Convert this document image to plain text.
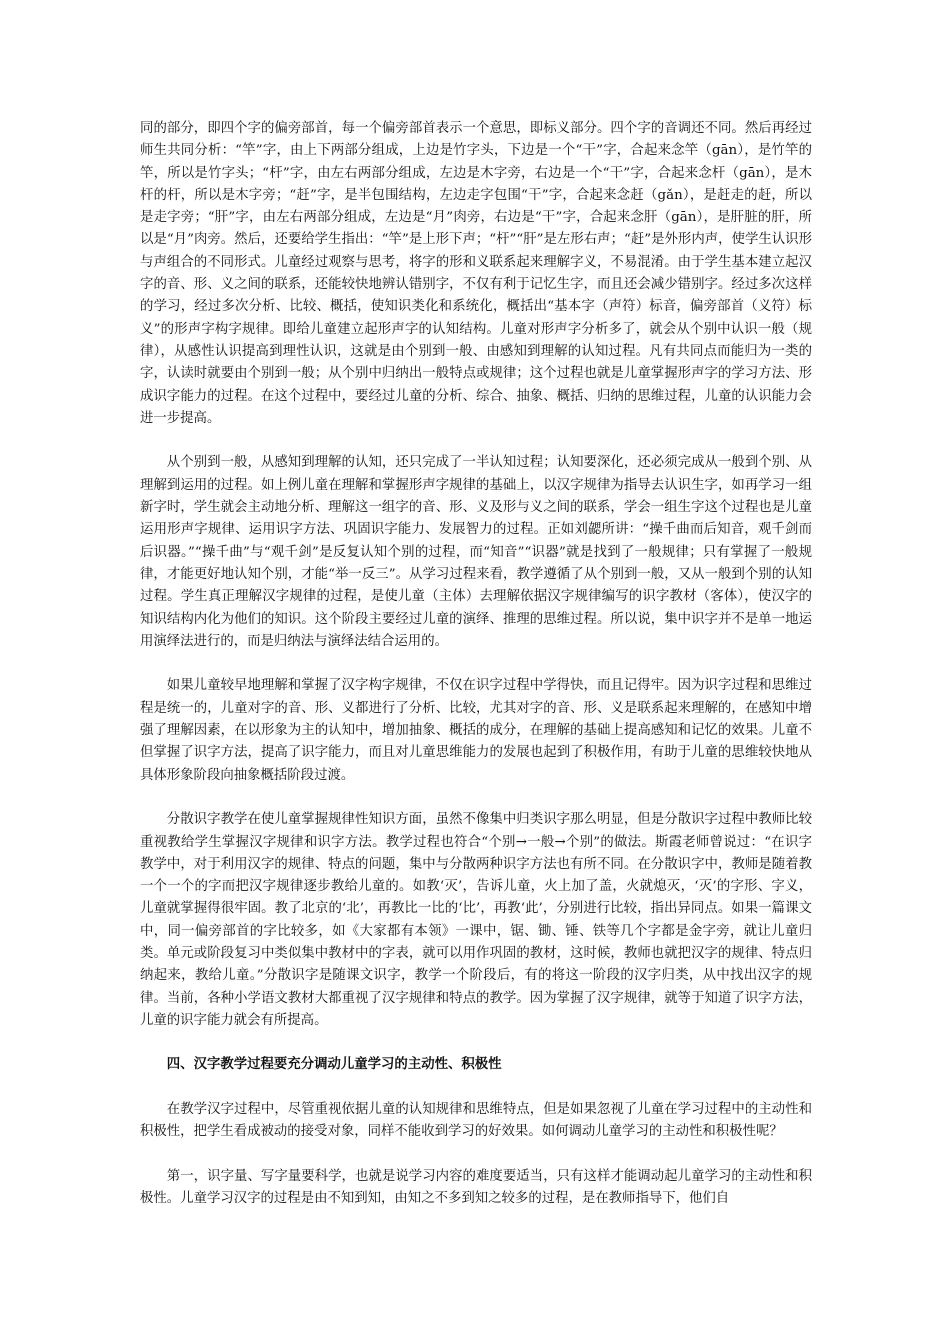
同的部分，即四个字的偏旁部首，每一个偏旁部首表示一个意思，即标义部分。四个字的音调还不同。然后再经过师生共同分析：“竿”字，由上下两部分组成，上边是竹字头，下边是一个“干”字，合起来念竿（gān），是竹竿的竿，所以是竹字头；“杆”字，由左右两部分组成，左边是木字旁，右边是一个“干”字，合起来念杆（gān），是木杆的杆，所以是木字旁；“赶”字，是半包围结构，左边走字包围“干”字，合起来念赶（gǎn），是赶走的赶，所以是走字旁；“肝”字，由左右两部分组成，左边是“月”肉旁，右边是“干”字，合起来念肝（gān），是肝脏的肝，所以是“月”肉旁。然后，还要给学生指出：“竿”是上形下声；“杆”“肝”是左形右声；“赶”是外形内声，使学生认识形与声组合的不同形式。儿童经过观察与思考，将字的形和义联系起来理解字义，不易混淆。由于学生基本建立起汉字的音、形、义之间的联系，还能较快地辨认错别字，不仅有利于记忆生字，而且还会减少错别字。经过多次这样的学习，经过多次分析、比较、概括，使知识类化和系统化，概括出“基本字（声符）标音，偏旁部首（义符）标义”的形声字构字规律。即给儿童建立起形声字的认知结构。儿童对形声字分析多了，就会从个别中认识一般（规律），从感性认识提高到理性认识，这就是由个别到一般、由感知到理解的认知过程。凡有共同点而能归为一类的字，认读时就要由个别到一般；从个别中归纳出一般特点或规律；这个过程也就是儿童掌握形声字的学习方法、形成识字能力的过程。在这个过程中，要经过儿童的分析、综合、抽象、概括、归纳的思维过程，儿童的认识能力会进一步提高。

从个别到一般，从感知到理解的认知，还只完成了一半认知过程；认知要深化，还必须完成从一般到个别、从理解到运用的过程。如上例儿童在理解和掌握形声字规律的基础上，以汉字规律为指导去认识生字，如再学习一组新字时，学生就会主动地分析、理解这一组字的音、形、义及形与义之间的联系，学会一组生字这个过程也是儿童运用形声字规律、运用识字方法、巩固识字能力、发展智力的过程。正如刘勰所讲：“操千曲而后知音，观千剑而后识器。”“操千曲”与“观千剑”是反复认知个别的过程，而“知音”“识器”就是找到了一般规律；只有掌握了一般规律，才能更好地认知个别，才能“举一反三”。从学习过程来看，教学遵循了从个别到一般，又从一般到个别的认知过程。学生真正理解汉字规律的过程，是使儿童（主体）去理解依据汉字规律编写的识字教材（客体），使汉字的知识结构内化为他们的知识。这个阶段主要经过儿童的演绎、推理的思维过程。所以说，集中识字并不是单一地运用演绎法进行的，而是归纳法与演绎法结合运用的。

如果儿童较早地理解和掌握了汉字构字规律，不仅在识字过程中学得快，而且记得牢。因为识字过程和思维过程是统一的，儿童对字的音、形、义都进行了分析、比较，尤其对字的音、形、义是联系起来理解的，在感知中增强了理解因素，在以形象为主的认知中，增加抽象、概括的成分，在理解的基础上提高感知和记忆的效果。儿童不但掌握了识字方法，提高了识字能力，而且对儿童思维能力的发展也起到了积极作用，有助于儿童的思维较快地从具体形象阶段向抽象概括阶段过渡。

分散识字教学在使儿童掌握规律性知识方面，虽然不像集中归类识字那么明显，但是分散识字过程中教师比较重视教给学生掌握汉字规律和识字方法。教学过程也符合“个别→一般→个别”的做法。斯霞老师曾说过：“在识字教学中，对于利用汉字的规律、特点的问题，集中与分散两种识字方法也有所不同。在分散识字中，教师是随着教一个一个的字而把汉字规律逐步教给儿童的。如教‘灭’，告诉儿童，火上加了盖，火就熄灭，‘灭’的字形、字义，儿童就掌握得很牢固。教了北京的‘北’，再教比一比的‘比’，再教‘此’，分别进行比较，指出异同点。如果一篇课文中，同一偏旁部首的字比较多，如《大家都有本领》一课中，锯、锄、锤、铁等几个字都是金字旁，就让儿童归类。单元或阶段复习中类似集中教材中的字表，就可以用作巩固的教材，这时候，教师也就把汉字的规律、特点归纳起来，教给儿童。”分散识字是随课文识字，教学一个阶段后，有的将这一阶段的汉字归类，从中找出汉字的规律。当前，各种小学语文教材大都重视了汉字规律和特点的教学。因为掌握了汉字规律，就等于知道了识字方法，儿童的识字能力就会有所提高。

四、汉字教学过程要充分调动儿童学习的主动性、积极性

在教学汉字过程中，尽管重视依据儿童的认知规律和思维特点，但是如果忽视了儿童在学习过程中的主动性和积极性，把学生看成被动的接受对象，同样不能收到学习的好效果。如何调动儿童学习的主动性和积极性呢？

第一，识字量、写字量要科学，也就是说学习内容的难度要适当，只有这样才能调动起儿童学习的主动性和积极性。儿童学习汉字的过程是由不知到知，由知之不多到知之较多的过程，是在教师指导下，他们自
